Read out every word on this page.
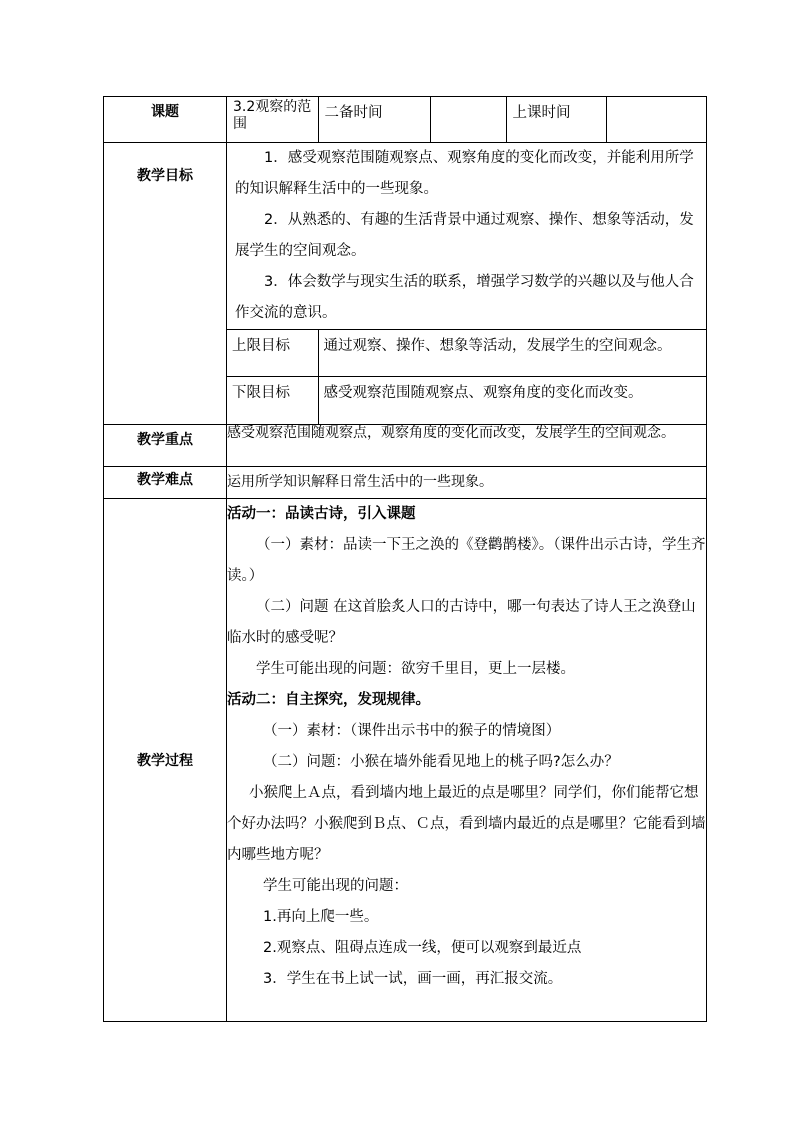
课题		3.2观察的范围	二备时间		上课时间	

教学目标	

1．感受观察范围随观察点、观察角度的变化而改变，并能利用所学的知识解释生活中的一些现象。

2．从熟悉的、有趣的生活背景中通过观察、操作、想象等活动，发展学生的空间观念。

3．体会数学与现实生活的联系，增强学习数学的兴趣以及与他人合作交流的意识。

上限目标	通过观察、操作、想象等活动，发展学生的空间观念。
下限目标	感受观察范围随观察点、观察角度的变化而改变。

教学重点	感受观察范围随观察点，观察角度的变化而改变，发展学生的空间观念。
教学难点	运用所学知识解释日常生活中的一些现象。
教学过程	

活动一：品读古诗，引入课题

（一）素材：品读一下王之涣的《登鹳鹊楼》。（课件出示古诗，学生齐读。）

（二）问题 在这首脍炙人口的古诗中，哪一句表达了诗人王之涣登山临水时的感受呢？

学生可能出现的问题：欲穷千里目，更上一层楼。

活动二：自主探究，发现规律。

（一）素材：（课件出示书中的猴子的情境图）

（二）问题：小猴在墙外能看见地上的桃子吗?怎么办？

小猴爬上Ａ点，看到墙内地上最近的点是哪里？同学们，你们能帮它想个好办法吗？小猴爬到Ｂ点、Ｃ点，看到墙内最近的点是哪里？它能看到墙内哪些地方呢？

学生可能出现的问题：

1.再向上爬一些。

2.观察点、阻碍点连成一线，便可以观察到最近点

3．学生在书上试一试，画一画，再汇报交流。
